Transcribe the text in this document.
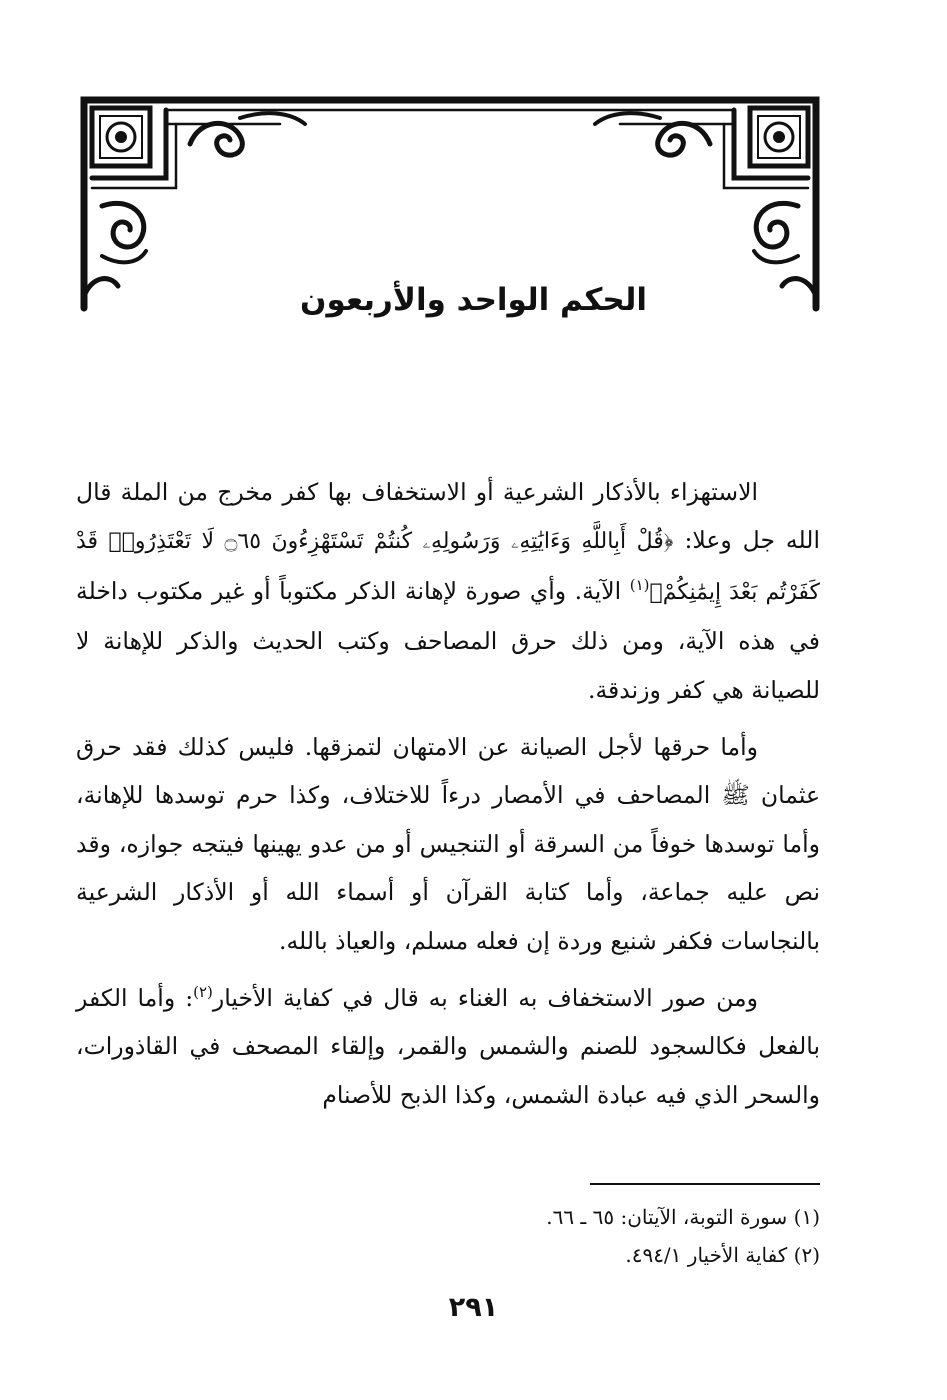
الحكم الواحد والأربعون

الاستهزاء بالأذكار الشرعية أو الاستخفاف بها كفر مخرج من الملة قال الله جل وعلا: ﴿قُلْ أَبِاللَّهِ وَءَايَٰتِهِۦ وَرَسُولِهِۦ كُنتُمْ تَسْتَهْزِءُونَ ۝٦٥ لَا تَعْتَذِرُوا۟ قَدْ كَفَرْتُم بَعْدَ إِيمَٰنِكُمْ﴾$^{(١)}$ الآية. وأي صورة لإهانة الذكر مكتوباً أو غير مكتوب داخلة في هذه الآية، ومن ذلك حرق المصاحف وكتب الحديث والذكر للإهانة لا للصيانة هي كفر وزندقة.

وأما حرقها لأجل الصيانة عن الامتهان لتمزقها. فليس كذلك فقد حرق عثمان ﷺ المصاحف في الأمصار درءاً للاختلاف، وكذا حرم توسدها للإهانة، وأما توسدها خوفاً من السرقة أو التنجيس أو من عدو يهينها فيتجه جوازه، وقد نص عليه جماعة، وأما كتابة القرآن أو أسماء الله أو الأذكار الشرعية بالنجاسات فكفر شنيع وردة إن فعله مسلم، والعياذ بالله.

ومن صور الاستخفاف به الغناء به قال في كفاية الأخيار$^{(٢)}$: وأما الكفر بالفعل فكالسجود للصنم والشمس والقمر، وإلقاء المصحف في القاذورات، والسحر الذي فيه عبادة الشمس، وكذا الذبح للأصنام

(١) سورة التوبة، الآيتان: ٦٥ ـ ٦٦.
(٢) كفاية الأخيار ٤٩٤/١.
٢٩١
